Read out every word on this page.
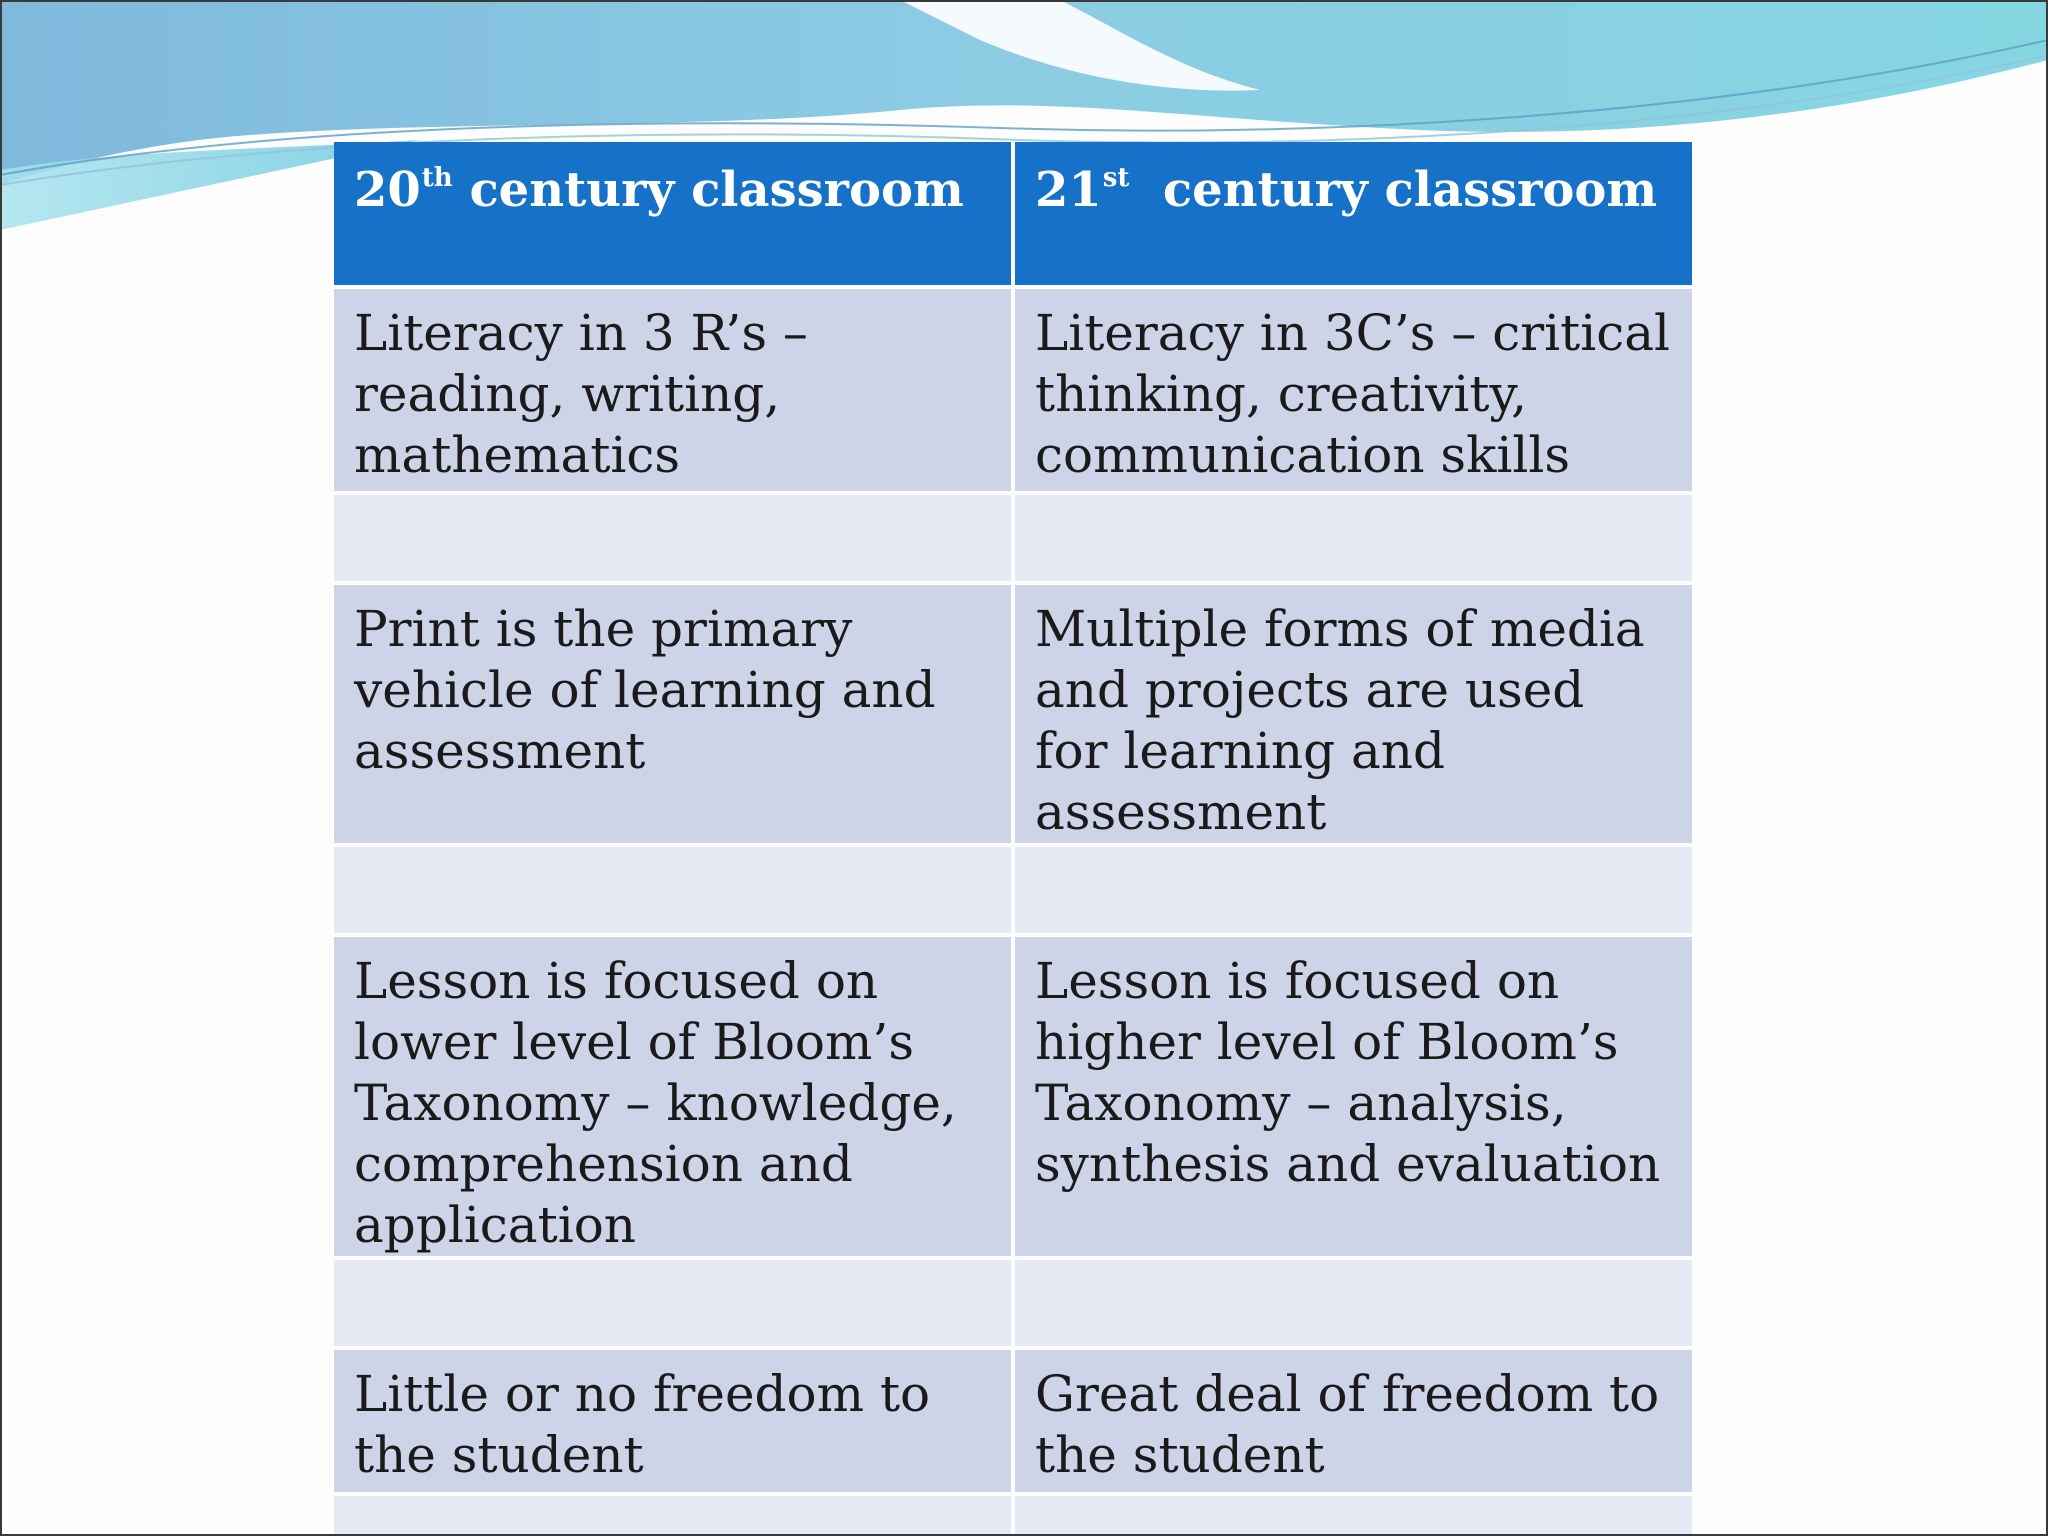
20th century classroom	21st century classroom
Literacy in 3 R’s –reading, writing, mathematics	Literacy in 3C’s – critical thinking, creativity, communication skills

Print is the primary vehicle of learning and assessment	Multiple forms of media and projects are used for learning and assessment

Lesson is focused on lower level of Bloom’s Taxonomy – knowledge, comprehension and application	Lesson is focused on higher level of Bloom’s Taxonomy – analysis, synthesis and evaluation

Little or no freedom to the student	Great deal of freedom to the student
